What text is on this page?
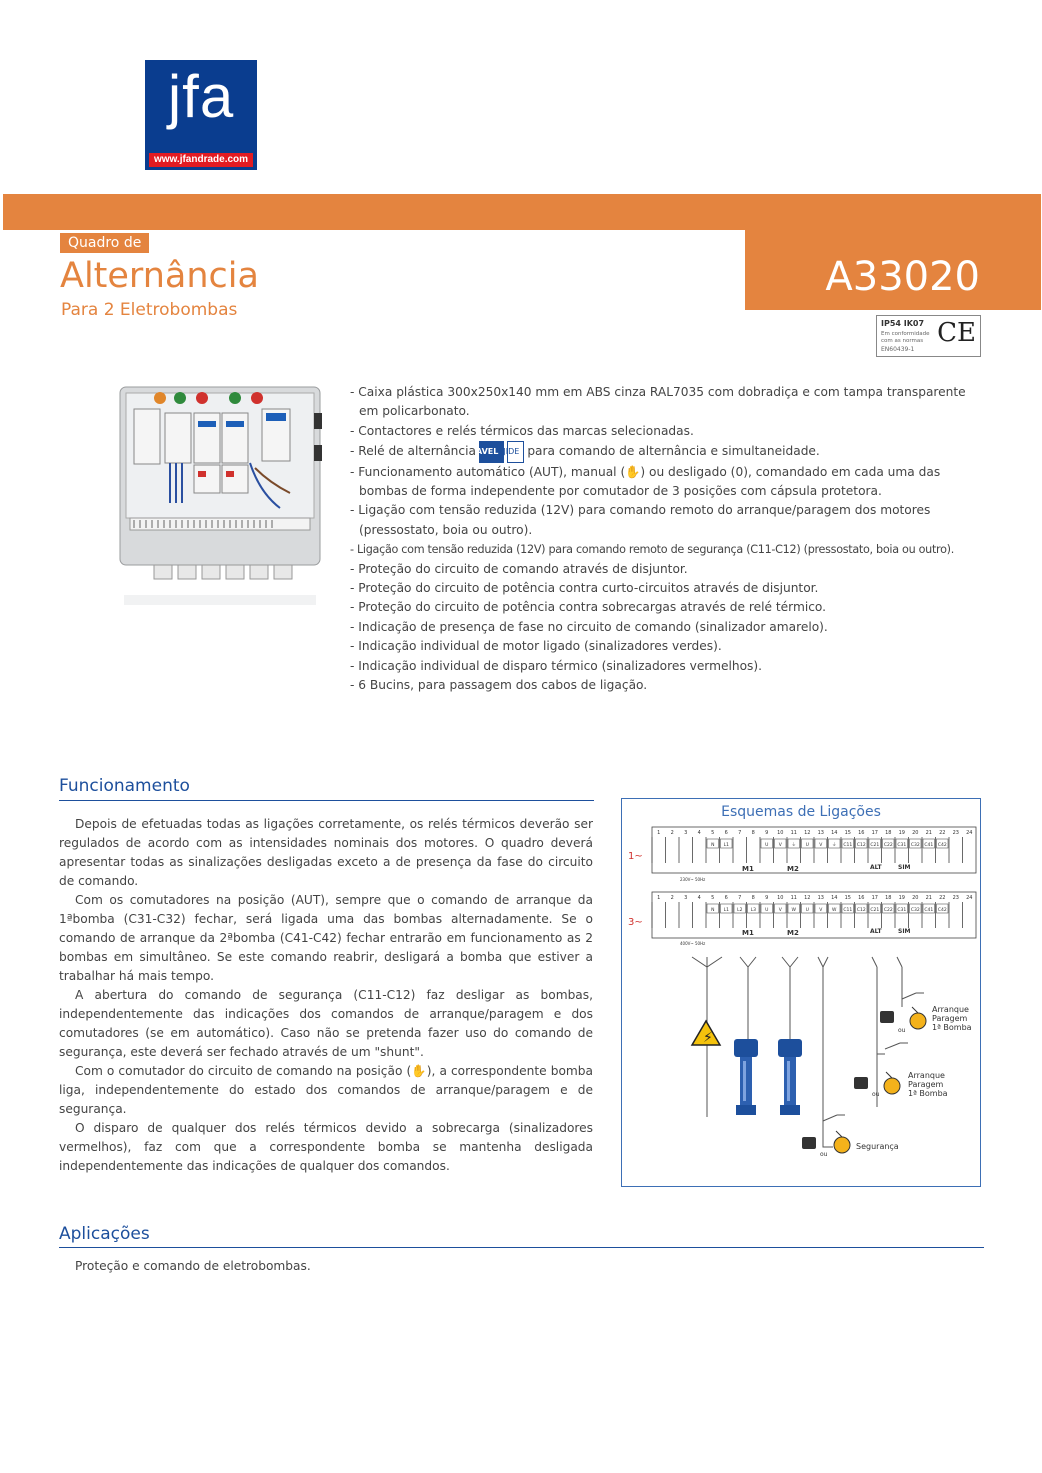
jfa
www.jfandrade.com
A33020
Quadro de
Alternância
Para 2 Eletrobombas
IP54 IK07
Em conformidade
com as normas
EN60439-1
CE
- Caixa plástica 300x250x140 mm em ABS cinza RAL7035 com dobradiça e com tampa transparente em policarbonato.
- Contactores e relés térmicos das marcas selecionadas.
- Relé de alternânciaAVEL JIDE para comando de alternância e simultaneidade.
- Funcionamento automático (AUT), manual (✋) ou desligado (0), comandado em cada uma das bombas de forma independente por comutador de 3 posições com cápsula protetora.
- Ligação com tensão reduzida (12V) para comando remoto do arranque/paragem dos motores (pressostato, boia ou outro).
- Ligação com tensão reduzida (12V) para comando remoto de segurança (C11-C12) (pressostato, boia ou outro).
- Proteção do circuito de comando através de disjuntor.
- Proteção do circuito de potência contra curto-circuitos através de disjuntor.
- Proteção do circuito de potência contra sobrecargas através de relé térmico.
- Indicação de presença de fase no circuito de comando (sinalizador amarelo).
- Indicação individual de motor ligado (sinalizadores verdes).
- Indicação individual de disparo térmico (sinalizadores vermelhos).
- 6 Bucins, para passagem dos cabos de ligação.
Funcionamento

Depois de efetuadas todas as ligações corretamente, os relés térmicos deverão ser regulados de acordo com as intensidades nominais dos motores. O quadro deverá apresentar todas as sinalizações desligadas exceto a de presença da fase do circuito de comando.

Com os comutadores na posição (AUT), sempre que o comando de arranque da 1ªbomba (C31-C32) fechar, será ligada uma das bombas alternadamente. Se o comando de arranque da 2ªbomba (C41-C42) fechar entrarão em funcionamento as 2 bombas em simultâneo. Se este comando reabrir, desligará a bomba que estiver a trabalhar há mais tempo.

A abertura do comando de segurança (C11-C12) faz desligar as bombas, independentemente das indicações dos comandos de arranque/paragem e dos comutadores (se em automático). Caso não se pretenda fazer uso do comando de segurança, este deverá ser fechado através de um "shunt".

Com o comutador do circuito de comando na posição (✋), a correspondente bomba liga, independentemente do estado dos comandos de arranque/paragem e de segurança.

O disparo de qualquer dos relés térmicos devido a sobrecarga (sinalizadores vermelhos), faz com que a correspondente bomba se mantenha desligada independentemente das indicações de qualquer dos comandos.

Esquemas de Ligações
1 2 3 4 5 6 7 8 9 10 11 12 13 14 15 16 17 18 19 20 21 22 23 24
N L1	U V ⏚ U V ⏚ C11 C12 C21 C22 C31 C32 C41 C42
1 2 3 4 5 6 7 8 9 10 11 12 13 14 15 16 17 18 19 20 21 22 23 24
N L1 L2 L3 U V W U V W C11 C12 C21 C22 C31 C32 C41 C42
1~
3~
M1	M2	ALT	SIM
230V~ 50Hz
M1	M2	ALT	SIM
400V~ 50Hz
⚡	ou
Arranque
Paragem
1ª Bomba
ou
Arranque
Paragem
1ª Bomba
ou
Segurança
Aplicações
Proteção e comando de eletrobombas.
